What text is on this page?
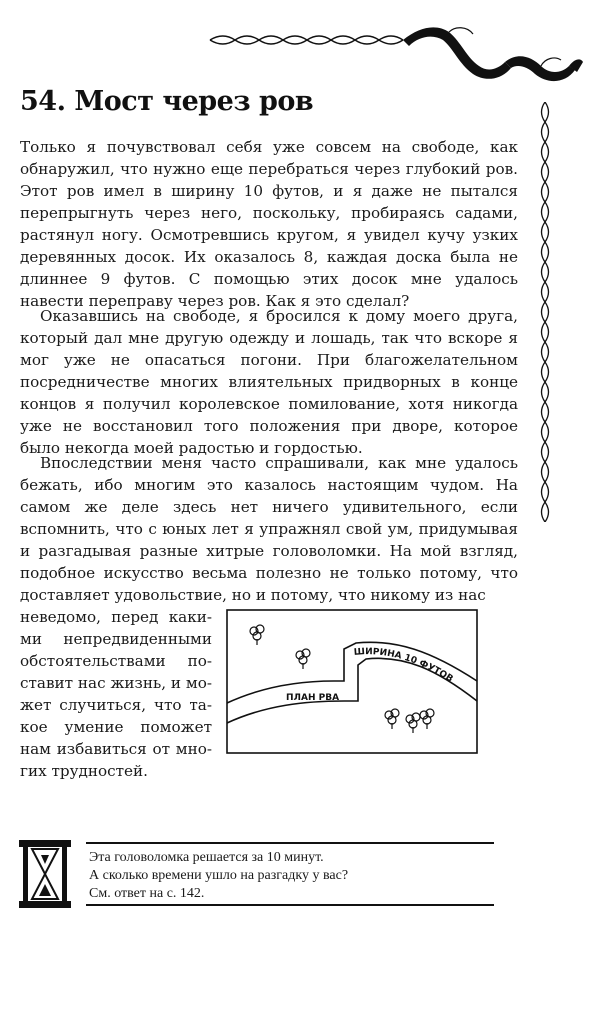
54. Мост через ров

Только я почувствовал себя уже совсем на свободе, как обнаружил, что нужно еще перебраться через глубокий ров. Этот ров имел в ширину 10 футов, и я даже не пытался перепрыгнуть через него, поскольку, пробираясь садами, растянул ногу. Осмотревшись кругом, я увидел кучу узких деревянных досок. Их оказалось 8, каждая доска была не длиннее 9 футов. С помощью этих досок мне удалось навести переправу через ров. Как я это сделал?

Оказавшись на свободе, я бросился к дому моего друга, который дал мне другую одежду и лошадь, так что вскоре я мог уже не опасаться погони. При благожелательном посредничестве многих влиятельных придворных в конце концов я получил королевское помилование, хотя никогда уже не восстановил того положения при дворе, которое было некогда моей радостью и гордостью.

Впоследствии меня часто спрашивали, как мне удалось бежать, ибо многим это казалось настоящим чудом. На самом же деле здесь нет ничего удивительного, если вспомнить, что с юных лет я упражнял свой ум, придумывая и разгадывая разные хитрые головоломки. На мой взгляд, подобное искусство весьма полезно не только потому, что доставляет удовольствие, но и потому, что никому из нас

неведомо, перед какими непредвиденными обстоятельствами поставит нас жизнь, и может случиться, что такое умение поможет нам избавиться от многих трудностей.

ПЛАН РВА
ШИРИНА 10 ФУТОВ
Эта головоломка решается за 10 минут.
А сколько времени ушло на разгадку у вас?
См. ответ на с. 142.
